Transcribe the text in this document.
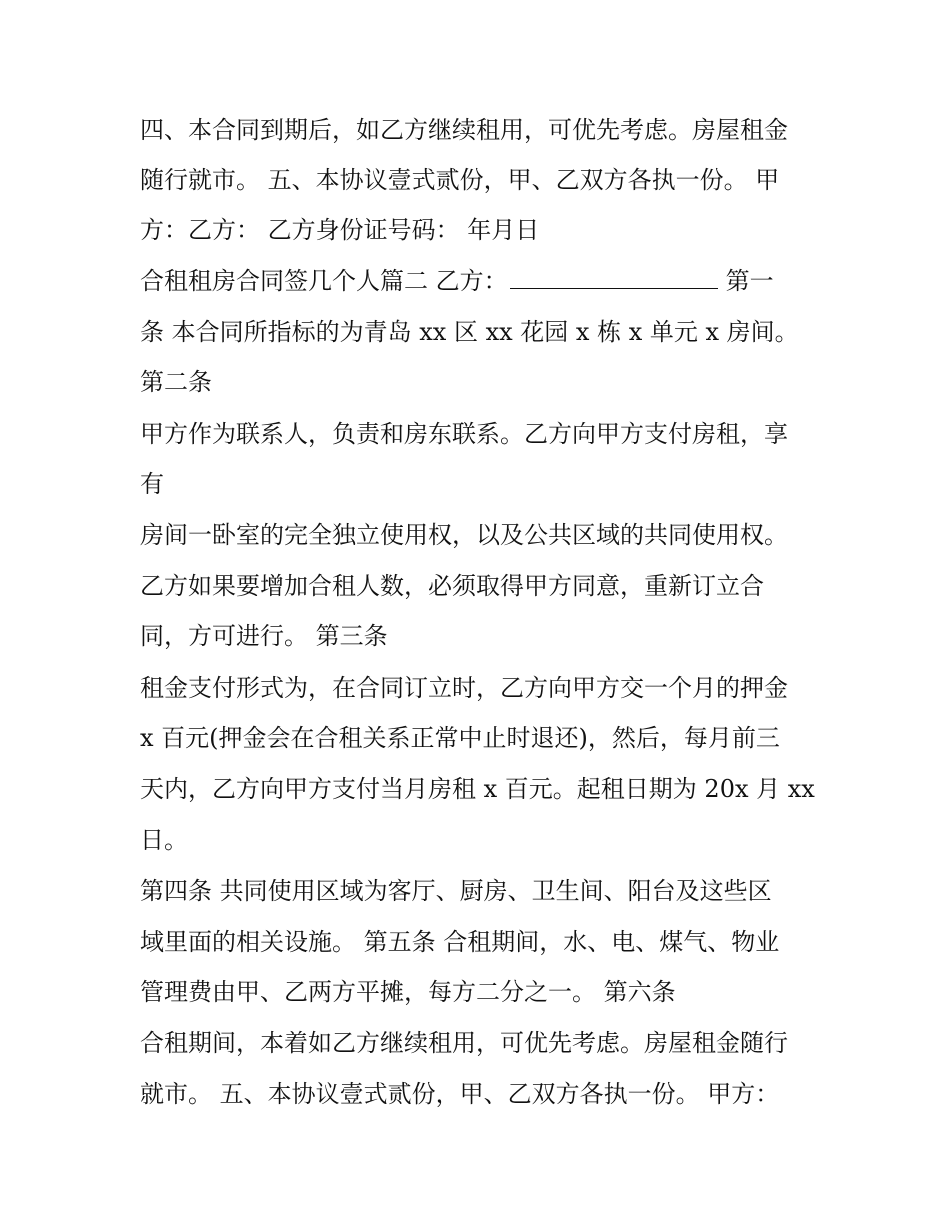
四、本合同到期后，如乙方继续租用，可优先考虑。房屋租金
随行就市。 五、本协议壹式贰份，甲、乙双方各执一份。 甲
方：乙方： 乙方身份证号码： 年月日
合租租房合同签几个人篇二 乙方：	第一
条 本合同所指标的为青岛 xx 区 xx 花园 x 栋 x 单元 x 房间。
第二条
甲方作为联系人，负责和房东联系。乙方向甲方支付房租，享
有
房间一卧室的完全独立使用权，以及公共区域的共同使用权。
乙方如果要增加合租人数，必须取得甲方同意，重新订立合
同，方可进行。 第三条
租金支付形式为，在合同订立时，乙方向甲方交一个月的押金
x 百元(押金会在合租关系正常中止时退还)，然后，每月前三
天内，乙方向甲方支付当月房租 x 百元。起租日期为 20x 月 xx
日。
第四条 共同使用区域为客厅、厨房、卫生间、阳台及这些区
域里面的相关设施。 第五条 合租期间，水、电、煤气、物业
管理费由甲、乙两方平摊，每方二分之一。 第六条
合租期间，本着如乙方继续租用，可优先考虑。房屋租金随行
就市。 五、本协议壹式贰份，甲、乙双方各执一份。 甲方：
